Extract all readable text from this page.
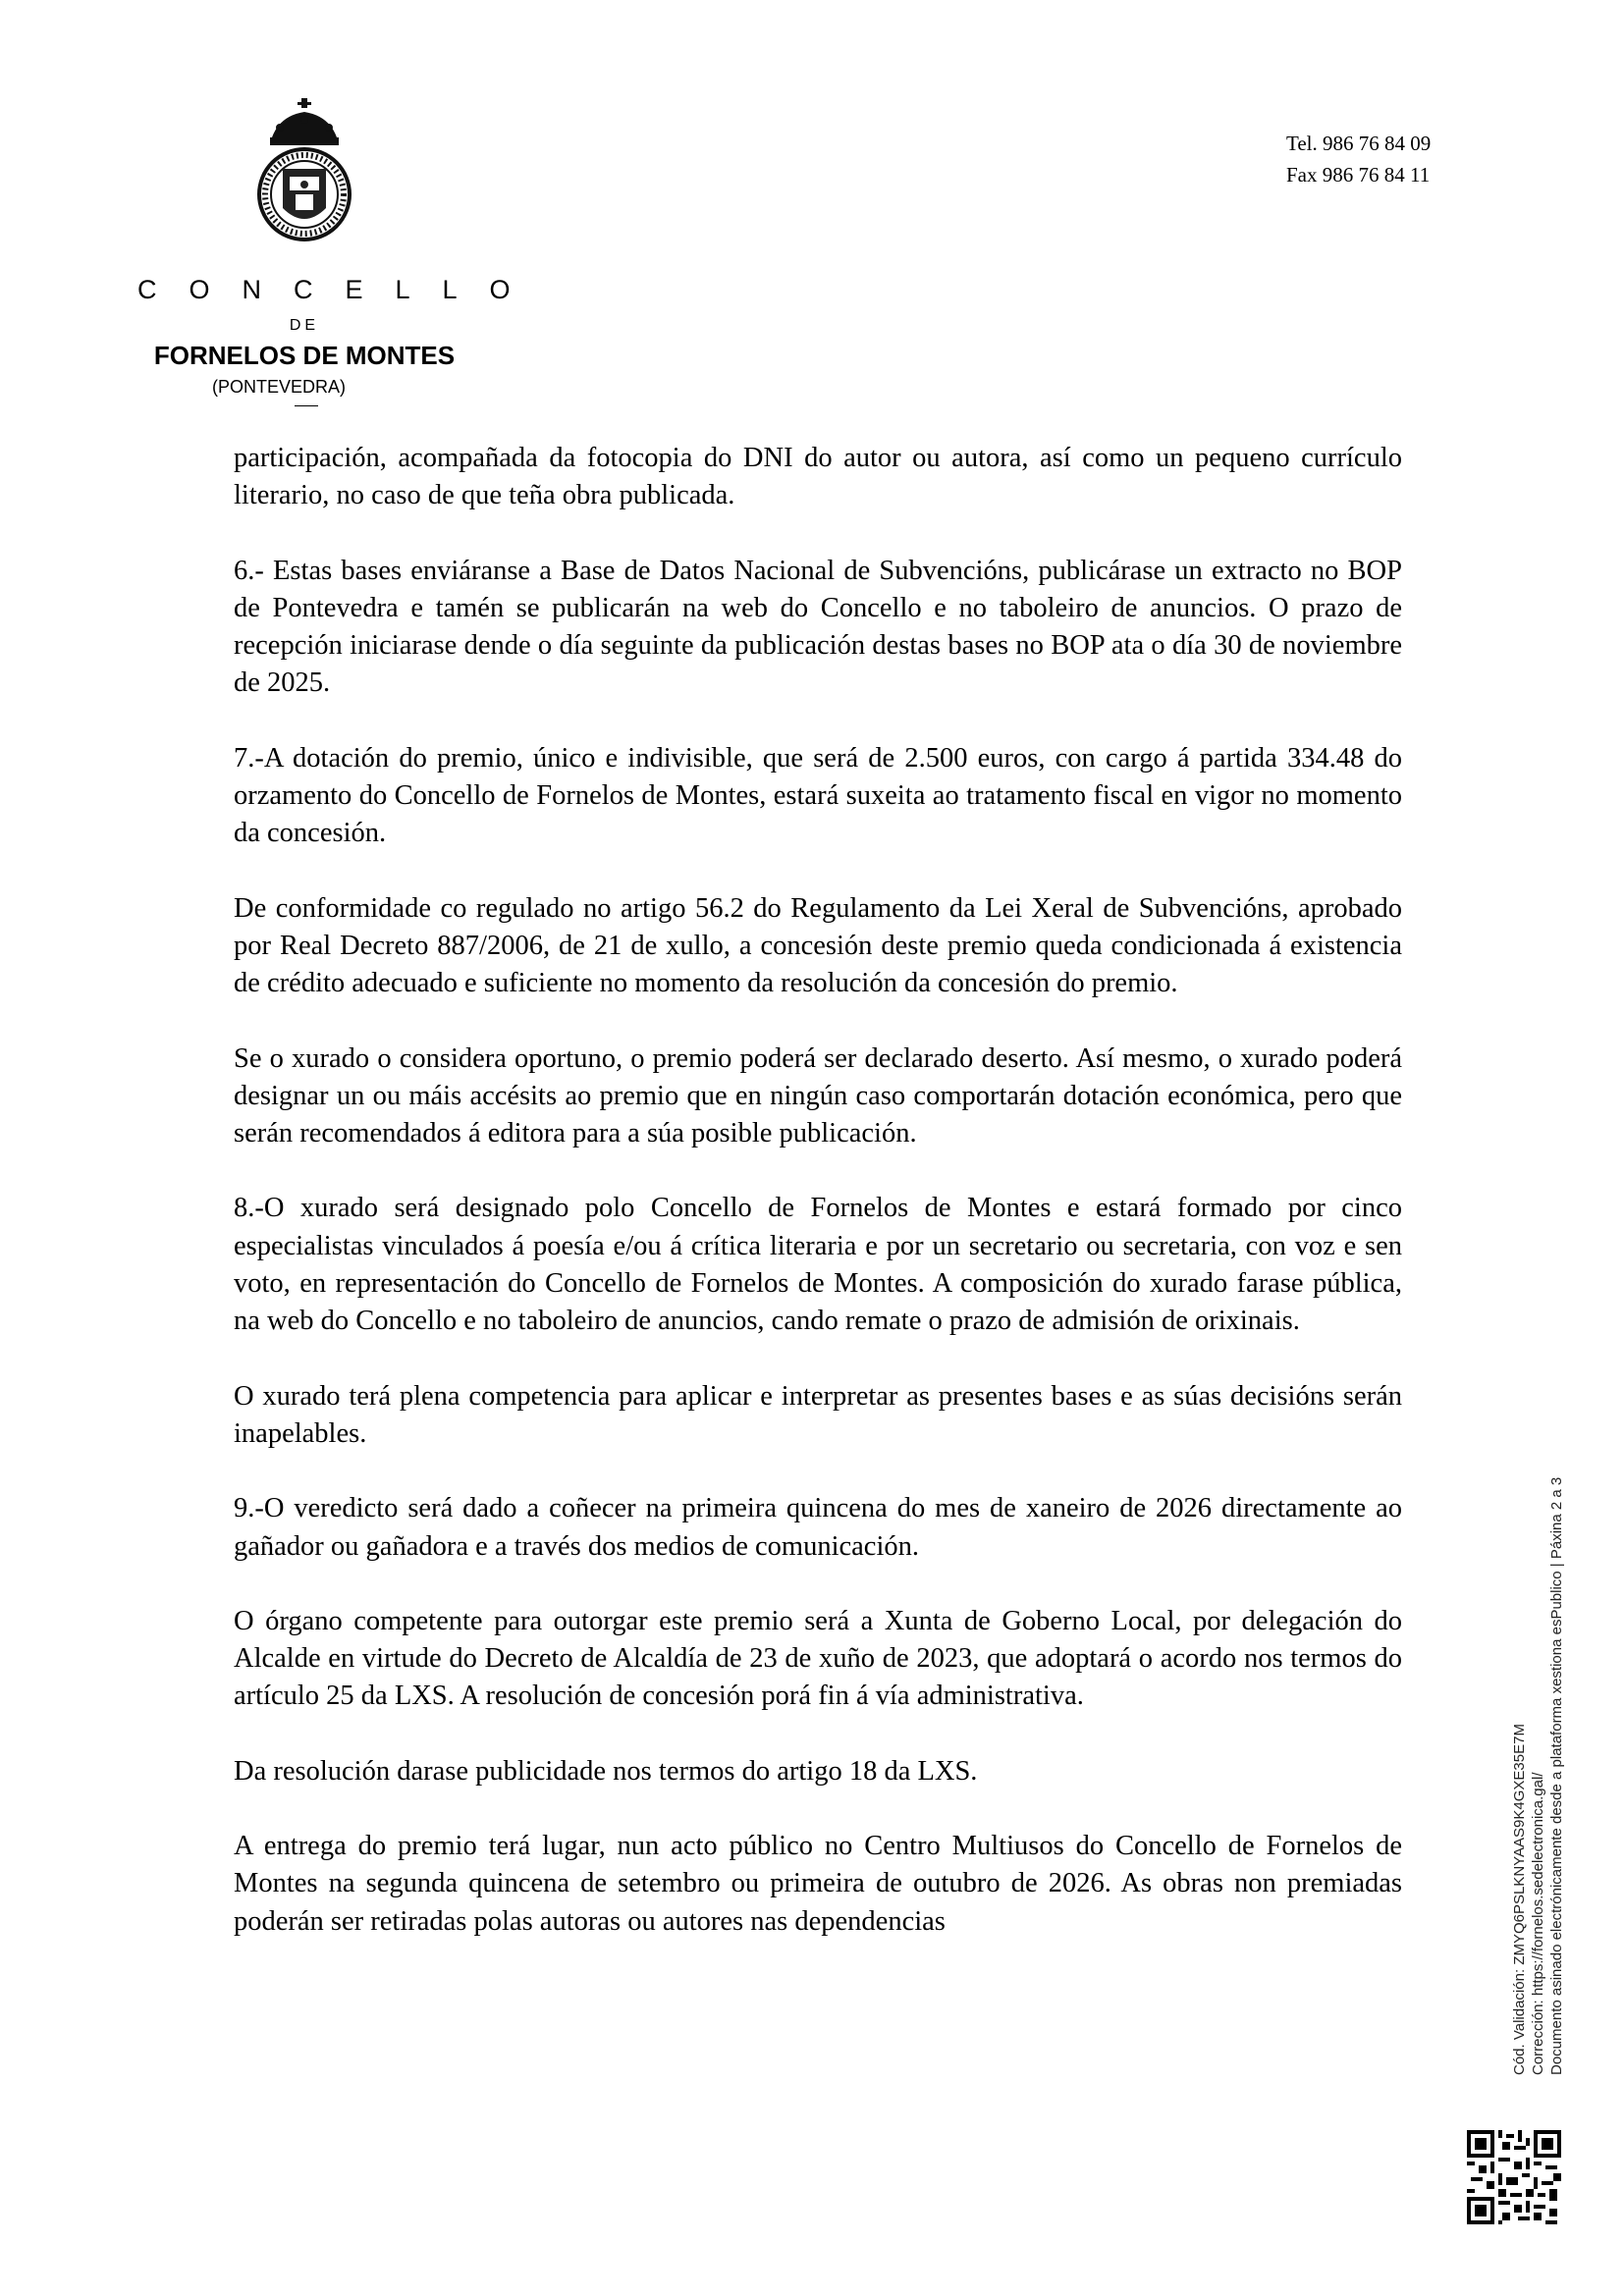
CONCELLO
DE
FORNELOS DE MONTES
(PONTEVEDRA)
Tel. 986 76 84 09
Fax 986 76 84 11

participación, acompañada da fotocopia do DNI do autor ou autora, así como un pequeno currículo literario, no caso de que teña obra publicada.

6.- Estas bases enviáranse a Base de Datos Nacional de Subvencións, publicárase un extracto no BOP de Pontevedra e tamén se publicarán na web do Concello e no taboleiro de anuncios. O prazo de recepción iniciarase dende o día seguinte da publicación destas bases no BOP ata o día 30 de noviembre de 2025.

7.-A dotación do premio, único e indivisible, que será de 2.500 euros, con cargo á partida 334.48 do orzamento do Concello de Fornelos de Montes, estará suxeita ao tratamento fiscal en vigor no momento da concesión.

De conformidade co regulado no artigo 56.2 do Regulamento da Lei Xeral de Subvencións, aprobado por Real Decreto 887/2006, de 21 de xullo, a concesión deste premio queda condicionada á existencia de crédito adecuado e suficiente no momento da resolución da concesión do premio.

Se o xurado o considera oportuno, o premio poderá ser declarado deserto. Así mesmo, o xurado poderá designar un ou máis accésits ao premio que en ningún caso comportarán dotación económica, pero que serán recomendados á editora para a súa posible publicación.

8.-O xurado será designado polo Concello de Fornelos de Montes e estará formado por cinco especialistas vinculados á poesía e/ou á crítica literaria e por un secretario ou secretaria, con voz e sen voto, en representación do Concello de Fornelos de Montes. A composición do xurado farase pública, na web do Concello e no taboleiro de anuncios, cando remate o prazo de admisión de orixinais.

O xurado terá plena competencia para aplicar e interpretar as presentes bases e as súas decisións serán inapelables.

9.-O veredicto será dado a coñecer na primeira quincena do mes de xaneiro de 2026 directamente ao gañador ou gañadora e a través dos medios de comunicación.

O órgano competente para outorgar este premio será a Xunta de Goberno Local, por delegación do Alcalde en virtude do Decreto de Alcaldía de 23 de xuño de 2023, que adoptará o acordo nos termos do artículo 25 da LXS. A resolución de concesión porá fin á vía administrativa.

Da resolución darase publicidade nos termos do artigo 18 da LXS.

A entrega do premio terá lugar, nun acto público no Centro Multiusos do Concello de Fornelos de Montes na segunda quincena de setembro ou primeira de outubro de 2026. As obras non premiadas poderán ser retiradas polas autoras ou autores nas dependencias	Cód. Validación: ZMYQ6PSLKNYAAS9K4GXE35E7M Corrección: https://fornelos.sedelectronica.gal/ Documento asinado electrónicamente desde a plataforma xestiona esPublico | Páxina 2 a 3
